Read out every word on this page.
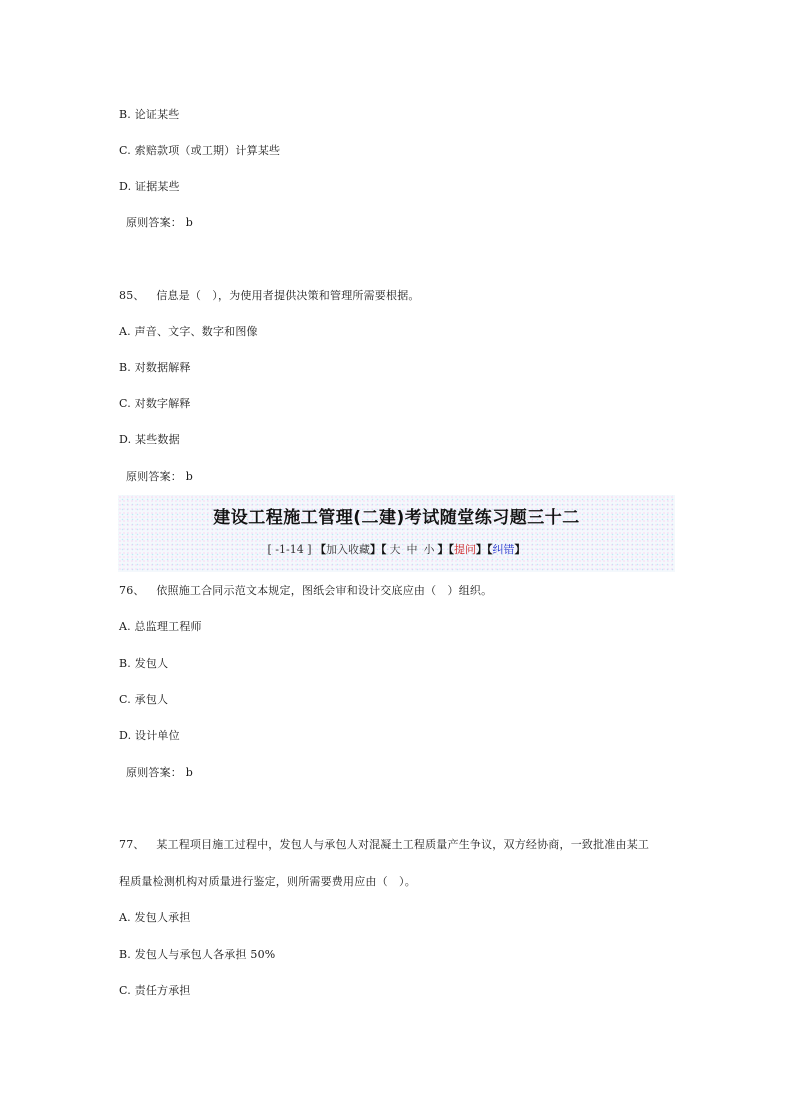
B. 论证某些
C. 索赔款项（或工期）计算某些
D. 证据某些
原则答案： b
85、 信息是（　），为使用者提供决策和管理所需要根据。
A. 声音、文字、数字和图像
B. 对数据解释
C. 对数字解释
D. 某些数据
原则答案： b
建设工程施工管理(二建)考试随堂练习题三十二
[ -1-14 ] 【加入收藏】【 大 中 小 】【提问】【纠错】
76、 依照施工合同示范文本规定，图纸会审和设计交底应由（　）组织。
A. 总监理工程师
B. 发包人
C. 承包人
D. 设计单位
原则答案： b
77、 某工程项目施工过程中，发包人与承包人对混凝土工程质量产生争议，双方经协商，一致批准由某工
程质量检测机构对质量进行鉴定，则所需要费用应由（　）。
A. 发包人承担
B. 发包人与承包人各承担 50%
C. 责任方承担
